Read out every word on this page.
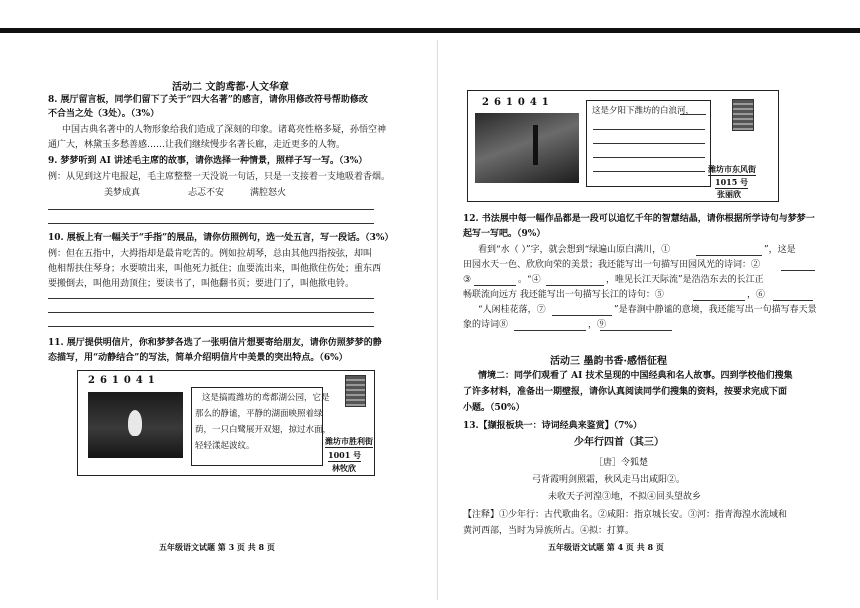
活动二 文韵鸢都·人文华章
8. 展厅留言板，同学们留下了关于“四大名著”的感言，请你用修改符号帮助修改
不合当之处（3处）。（3%）
中国古典名著中的人物形象给我们造成了深刻的印象。诸葛亮性格多疑，孙悟空神
通广大，林黛玉多愁善感……让我们继续慢步名著长廊，走近更多的人物。
9. 梦梦听到 AI 讲述毛主席的故事，请你选择一种情景，照样子写一写。（3%）
例：从见到这片电报起，毛主席整整一天没说一句话，只是一支接着一支地吸着香烟。
美梦成真	忐忑不安	满腔怒火
10. 展板上有一幅关于“手指”的展品，请你仿照例句，选一处五言，写一段话。（3%）
例：但在五指中，大拇指却是最肯吃苦的。例如拉胡琴，总由其他四指按弦，却叫
他相帮扶住琴身；水要喷出来，叫他死力抵住；血要流出来，叫他揿住伤处；重东西
要搬倒去，叫他用劲顶住；要读书了，叫他翻书页；要进门了，叫他揿电铃。
11. 展厅提供明信片，你和梦梦各选了一张明信片想要寄给朋友，请你仿照梦梦的静
态描写，用“动静结合”的写法，简单介绍明信片中美景的突出特点。（6%）
261041
这是搞霞潍坊的鸢都湖公园，它是
那么的静谧，平静的湖面映照着绿
荫，一只白鹭展开双翅，掠过水面，
轻轻漾起波纹。	潍坊市胜利街
1001 号
林牧欣
五年级语文试题 第 3 页 共 8 页
261041
这是夕阳下潍坊的白浪河，
潍坊市东风街
1015 号
张丽欣
12. 书法展中每一幅作品都是一段可以追忆千年的智慧结晶，请你根据所学诗句与梦梦一
起写一写吧。（9%）
看到“水（ ）”字，就会想到“绿遍山原白满川，①	”，这是
田园水天一色、欣欣向荣的美景；我还能写出一句描写田园风光的诗词：②
③	。“④	，唯见长江天际流”是浩浩东去的长江正
畅联流向远方 我还能写出一句描写长江的诗句：⑤	，⑥
“人闲桂花落，⑦	”是春涧中静谧的意境，我还能写出一句描写春天景
象的诗词⑧	，⑨
活动三 墨韵书香·感悟征程
情境二：同学们观看了 AI 技术呈现的中国经典和名人故事。四到学校他们搜集
了许多材料，准备出一期壁报，请你认真阅读同学们搜集的资料，按要求完成下面
小题。（50%）
13.【撷报板块一：诗词经典来鉴赏】（7%）
少年行四首（其三）
［唐］令狐楚
弓背霞明剑照霜，秋风走马出咸阳②。
未收天子河湟③地，不拟④回头望故乡
【注释】①少年行：古代歌曲名。②咸阳：指京城长安。③河：指青海湟水流域和
黄河西部，当时为异族所占。④拟：打算。
五年级语文试题 第 4 页 共 8 页
